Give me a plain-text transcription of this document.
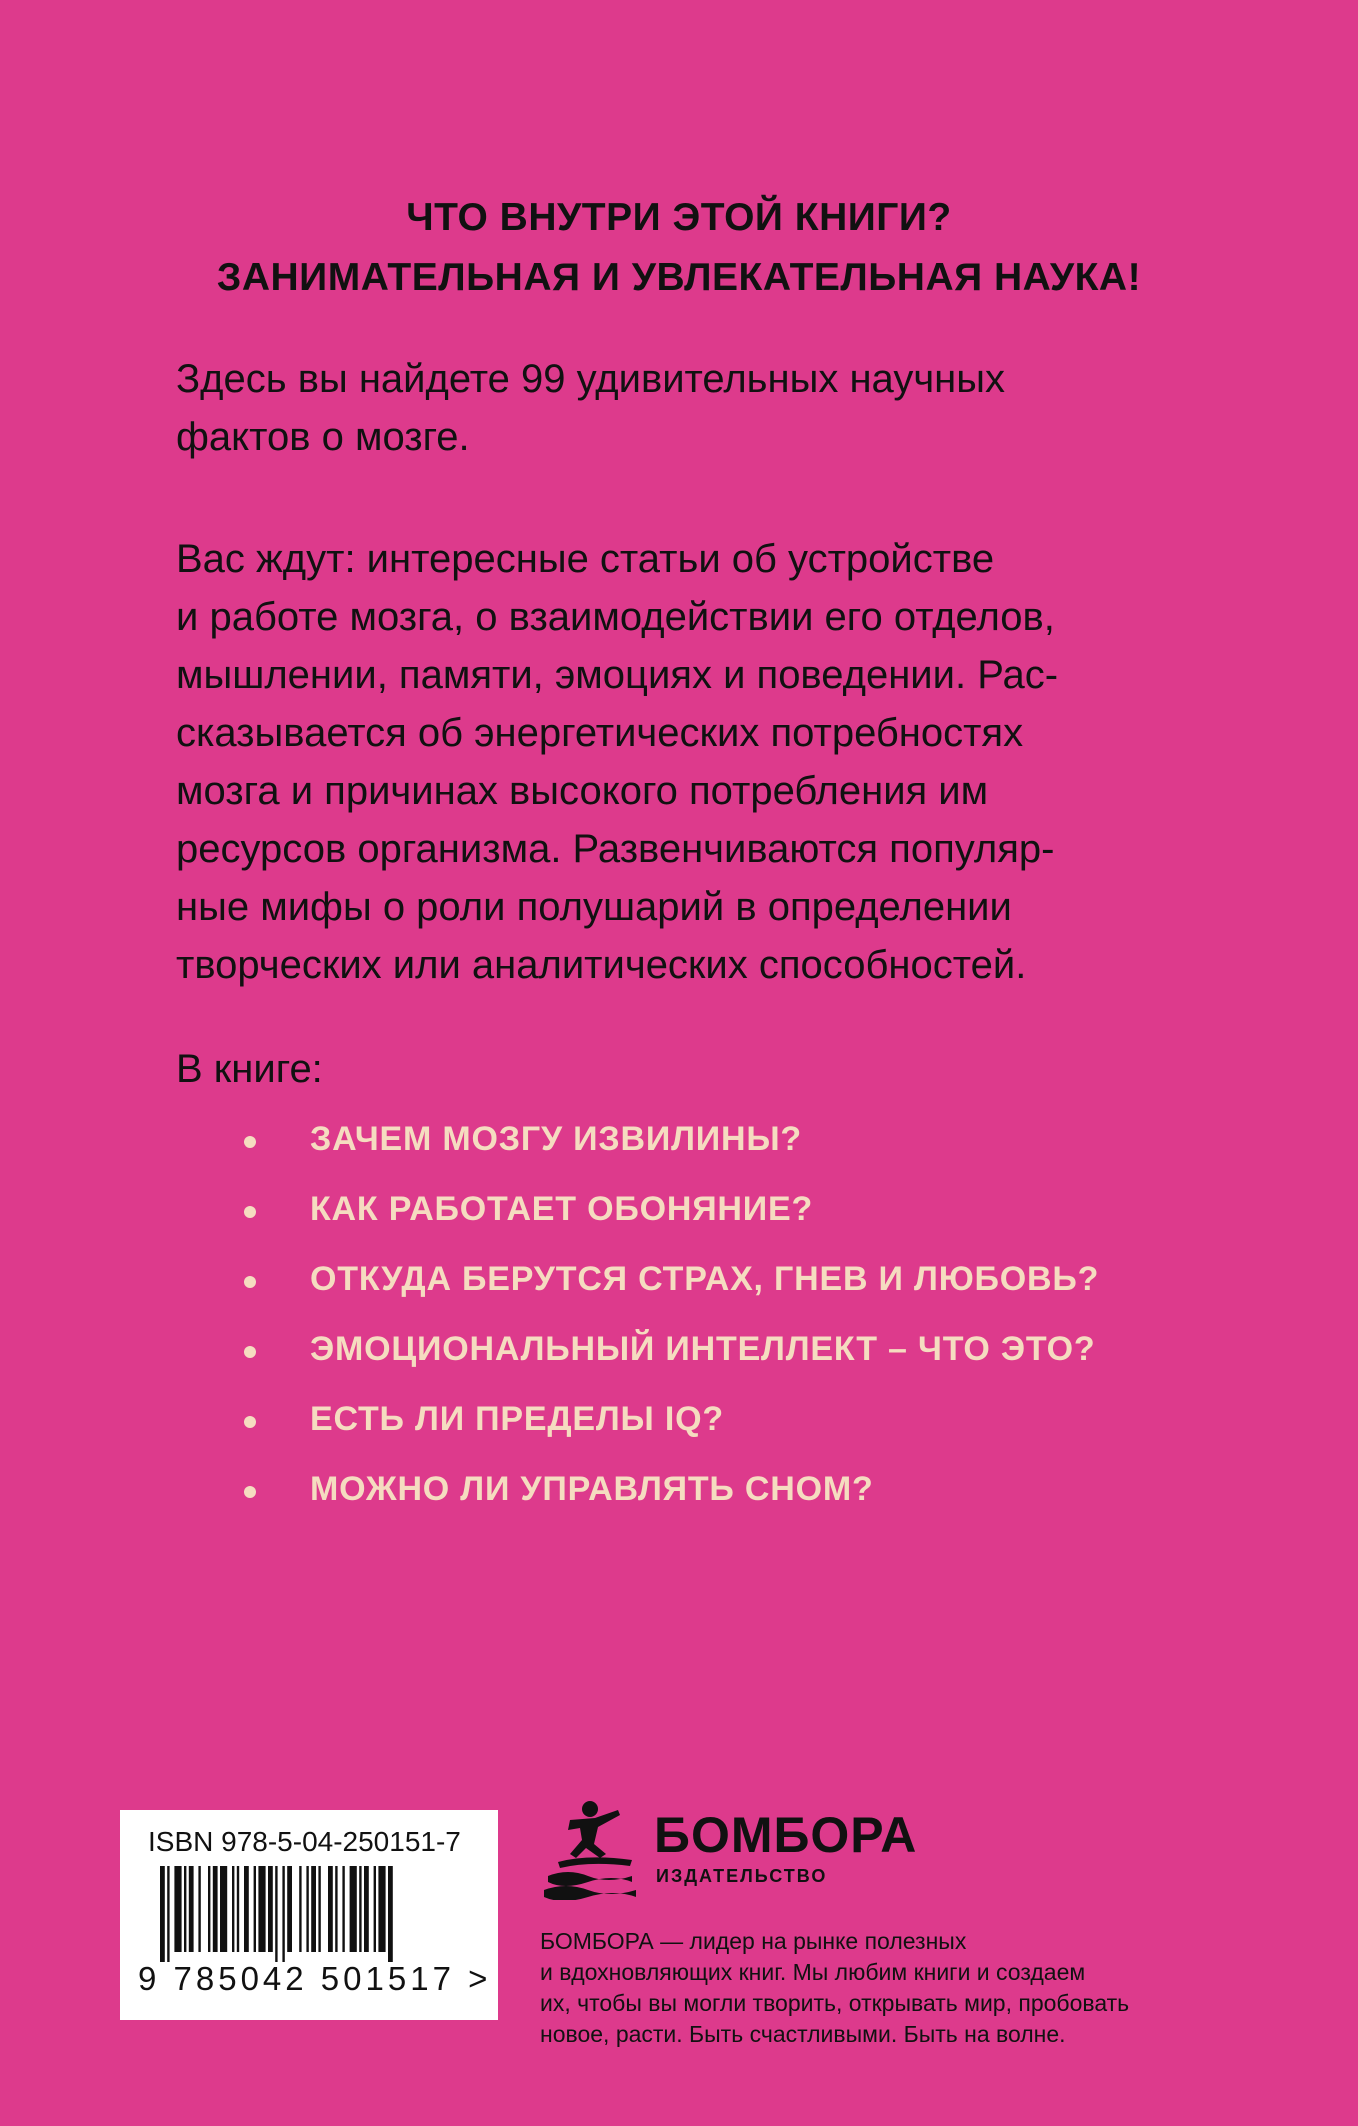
ЧТО ВНУТРИ ЭТОЙ КНИГИ?
ЗАНИМАТЕЛЬНАЯ И УВЛЕКАТЕЛЬНАЯ НАУКА!
Здесь вы найдете 99 удивительных научных
фактов о мозге.
Вас ждут: интересные статьи об устройстве
и работе мозга, о взаимодействии его отделов,
мышлении, памяти, эмоциях и поведении. Рас-
сказывается об энергетических потребностях
мозга и причинах высокого потребления им
ресурсов организма. Развенчиваются популяр-
ные мифы о роли полушарий в определении
творческих или аналитических способностей.
В книге:
ЗАЧЕМ МОЗГУ ИЗВИЛИНЫ?
КАК РАБОТАЕТ ОБОНЯНИЕ?
ОТКУДА БЕРУТСЯ СТРАХ, ГНЕВ И ЛЮБОВЬ?
ЭМОЦИОНАЛЬНЫЙ ИНТЕЛЛЕКТ – ЧТО ЭТО?
ЕСТЬ ЛИ ПРЕДЕЛЫ IQ?
МОЖНО ЛИ УПРАВЛЯТЬ СНОМ?
ISBN 978-5-04-250151-7
9 785042 501517 >
БОМБОРА
ИЗДАТЕЛЬСТВО
БОМБОРА — лидер на рынке полезных
и вдохновляющих книг. Мы любим книги и создаем
их, чтобы вы могли творить, открывать мир, пробовать
новое, расти. Быть счастливыми. Быть на волне.
